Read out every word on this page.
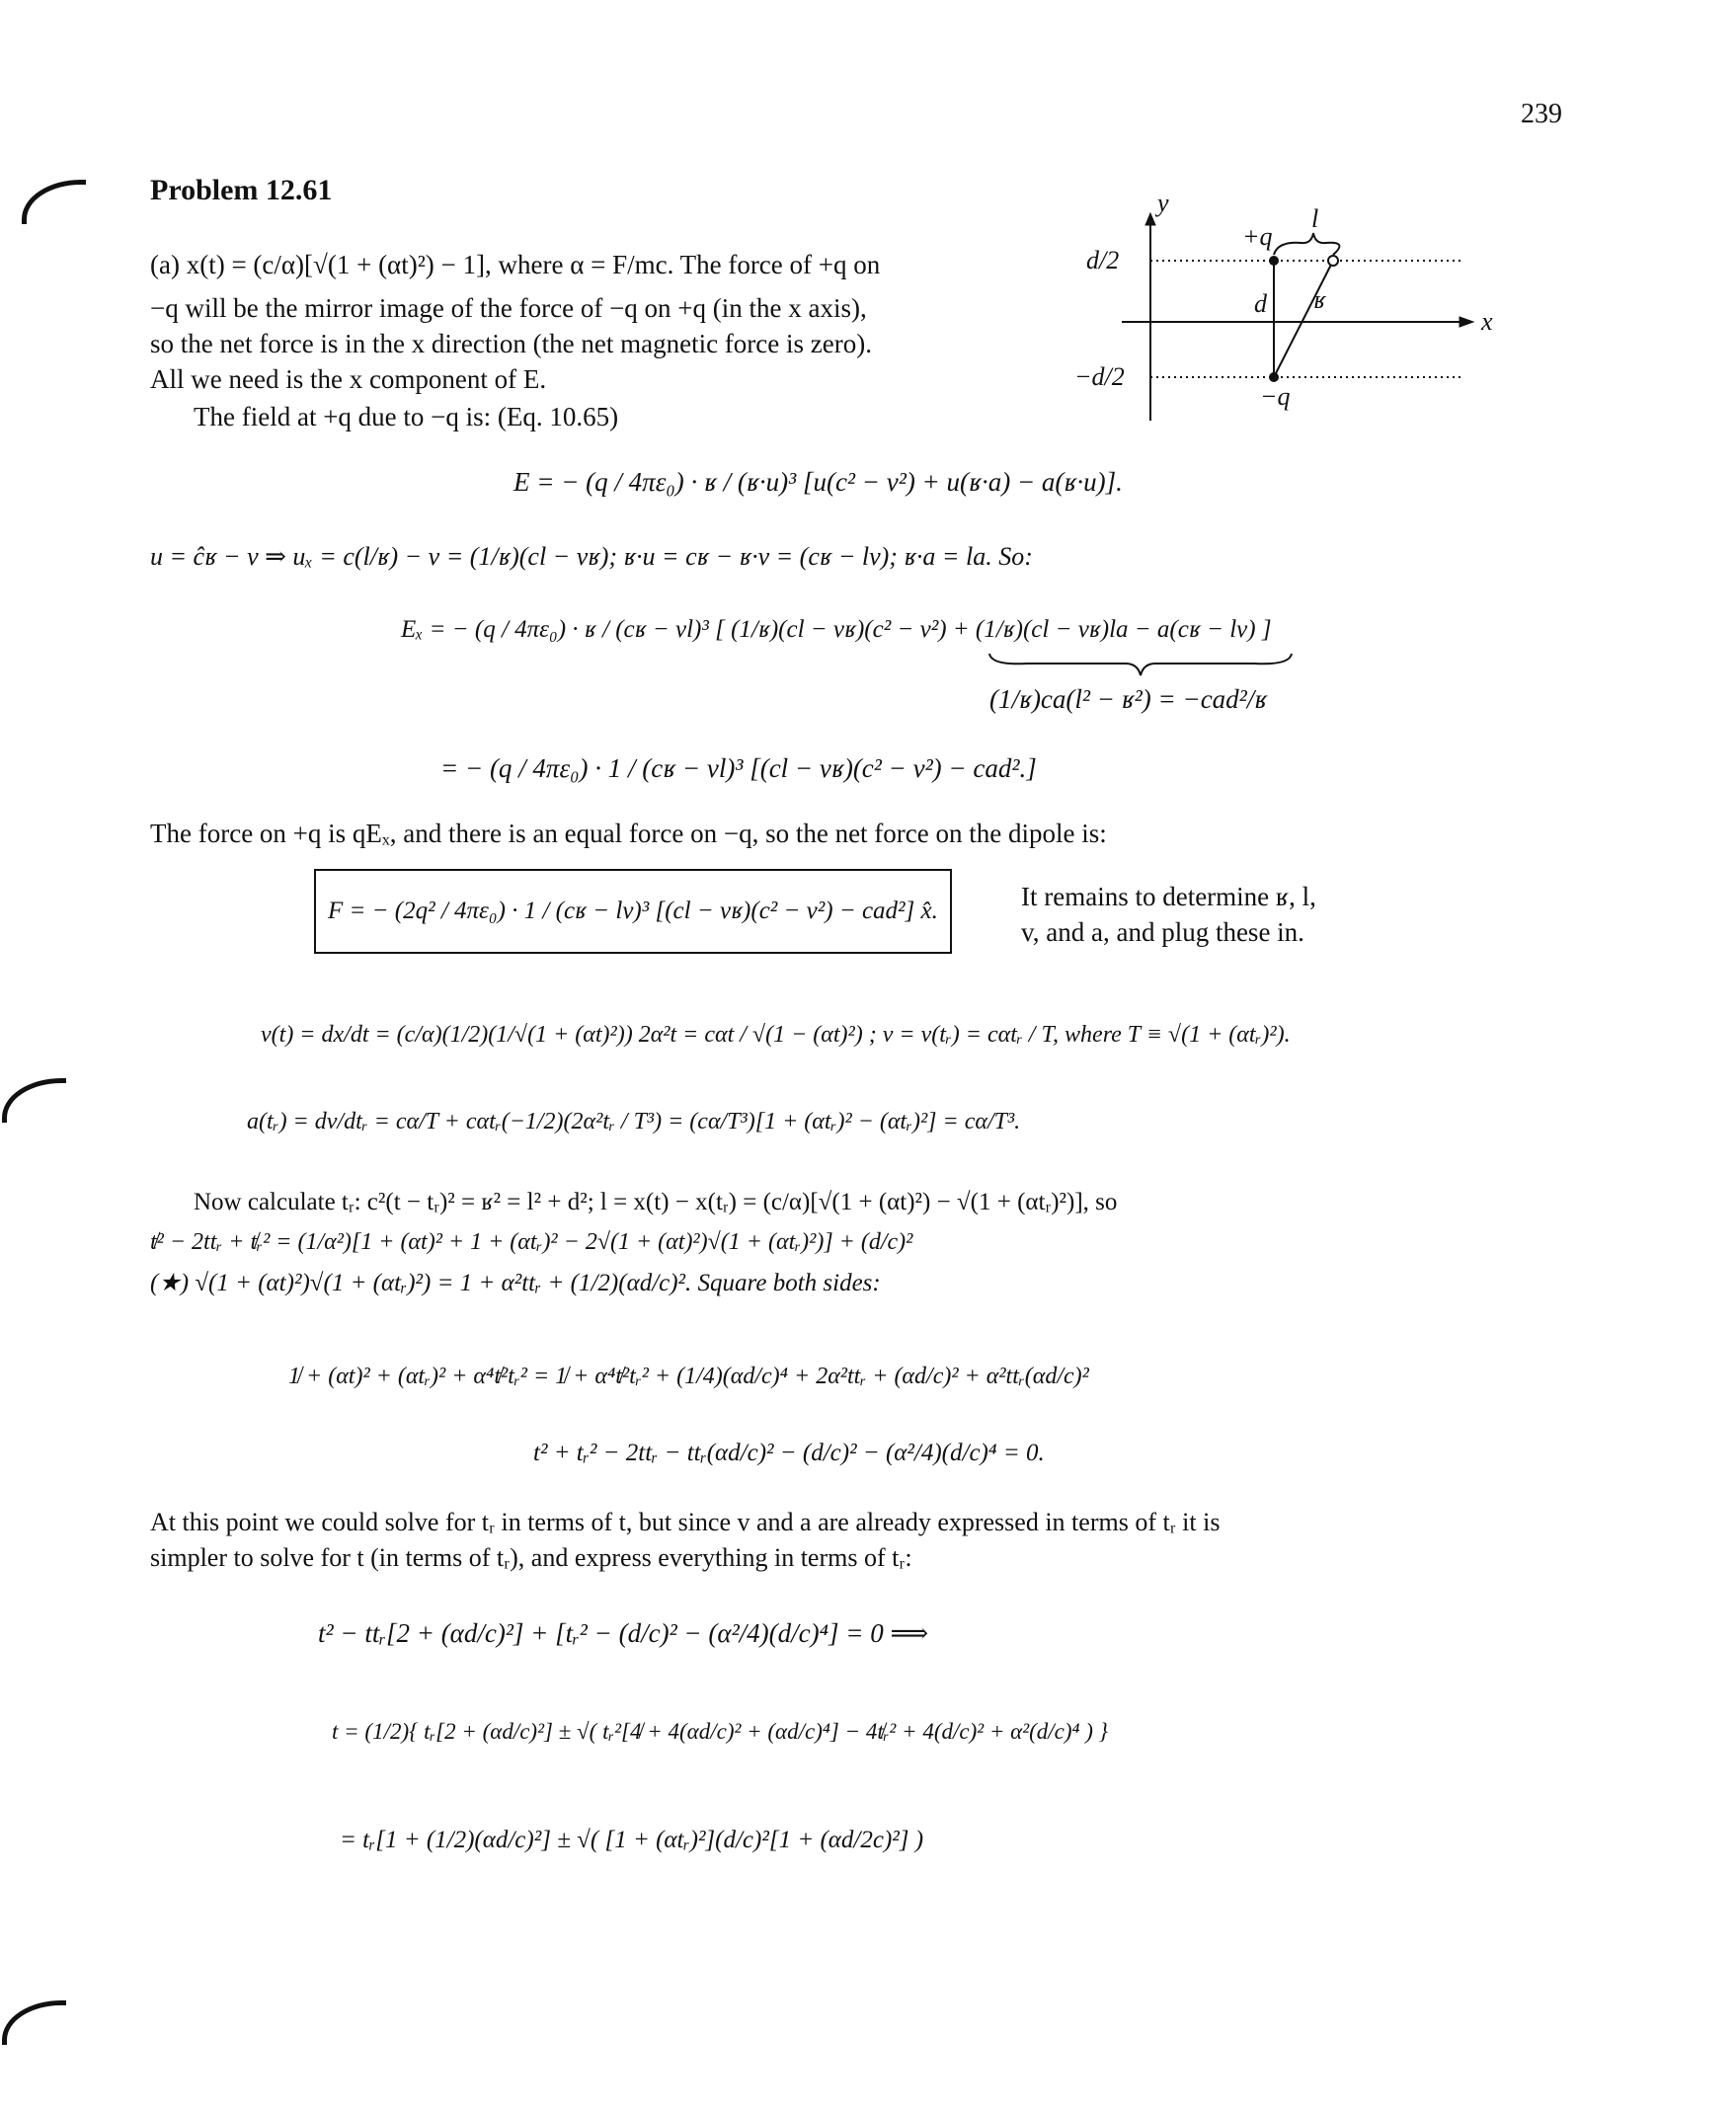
239
Problem 12.61	y
x
d/2
−d/2
+q
−q
l
d ʁ
(a) x(t) = (c/α)[√(1 + (αt)²) − 1], where α = F/mc. The force of +q on
−q will be the mirror image of the force of −q on +q (in the x axis),
so the net force is in the x direction (the net magnetic force is zero).
All we need is the x component of E.
The field at +q due to −q is: (Eq. 10.65)
E = − (q / 4πε₀) · ʁ / (ʁ·u)³ [u(c² − v²) + u(ʁ·a) − a(ʁ·u)].
u = ĉʁ − v ⇒ uₓ = c(l/ʁ) − v = (1/ʁ)(cl − vʁ); ʁ·u = cʁ − ʁ·v = (cʁ − lv); ʁ·a = la. So:
Eₓ = − (q / 4πε₀) · ʁ / (cʁ − vl)³ [ (1/ʁ)(cl − vʁ)(c² − v²) + (1/ʁ)(cl − vʁ)la − a(cʁ − lv) ]
(1/ʁ)ca(l² − ʁ²) = −cad²/ʁ
= − (q / 4πε₀) · 1 / (cʁ − vl)³ [(cl − vʁ)(c² − v²) − cad².]
The force on +q is qEₓ, and there is an equal force on −q, so the net force on the dipole is:
F = − (2q² / 4πε₀) · 1 / (cʁ − lv)³ [(cl − vʁ)(c² − v²) − cad²] x̂.	It remains to determine ʁ, l,
v, and a, and plug these in.
v(t) = dx/dt = (c/α)(1/2)(1/√(1 + (αt)²)) 2α²t = cαt / √(1 − (αt)²) ; v = v(tᵣ) = cαtᵣ / T, where T ≡ √(1 + (αtᵣ)²).
a(tᵣ) = dv/dtᵣ = cα/T + cαtᵣ(−1/2)(2α²tᵣ / T³) = (cα/T³)[1 + (αtᵣ)² − (αtᵣ)²] = cα/T³.
Now calculate tᵣ: c²(t − tᵣ)² = ʁ² = l² + d²; l = x(t) − x(tᵣ) = (c/α)[√(1 + (αt)²) − √(1 + (αtᵣ)²)], so
t̸² − 2ttᵣ + t̸ᵣ² = (1/α²)[1 + (αt)² + 1 + (αtᵣ)² − 2√(1 + (αt)²)√(1 + (αtᵣ)²)] + (d/c)²
(★) √(1 + (αt)²)√(1 + (αtᵣ)²) = 1 + α²ttᵣ + (1/2)(αd/c)². Square both sides:
1̸ + (αt)² + (αtᵣ)² + α⁴t̸²tᵣ² = 1̸ + α⁴t̸²tᵣ² + (1/4)(αd/c)⁴ + 2α²ttᵣ + (αd/c)² + α²ttᵣ(αd/c)²
t² + tᵣ² − 2ttᵣ − ttᵣ(αd/c)² − (d/c)² − (α²/4)(d/c)⁴ = 0.
At this point we could solve for tᵣ in terms of t, but since v and a are already expressed in terms of tᵣ it is
simpler to solve for t (in terms of tᵣ), and express everything in terms of tᵣ:
t² − ttᵣ[2 + (αd/c)²] + [tᵣ² − (d/c)² − (α²/4)(d/c)⁴] = 0 ⟹
t = (1/2){ tᵣ[2 + (αd/c)²] ± √( tᵣ²[4̸ + 4(αd/c)² + (αd/c)⁴] − 4t̸ᵣ² + 4(d/c)² + α²(d/c)⁴ ) }
= tᵣ[1 + (1/2)(αd/c)²] ± √( [1 + (αtᵣ)²](d/c)²[1 + (αd/2c)²] )
